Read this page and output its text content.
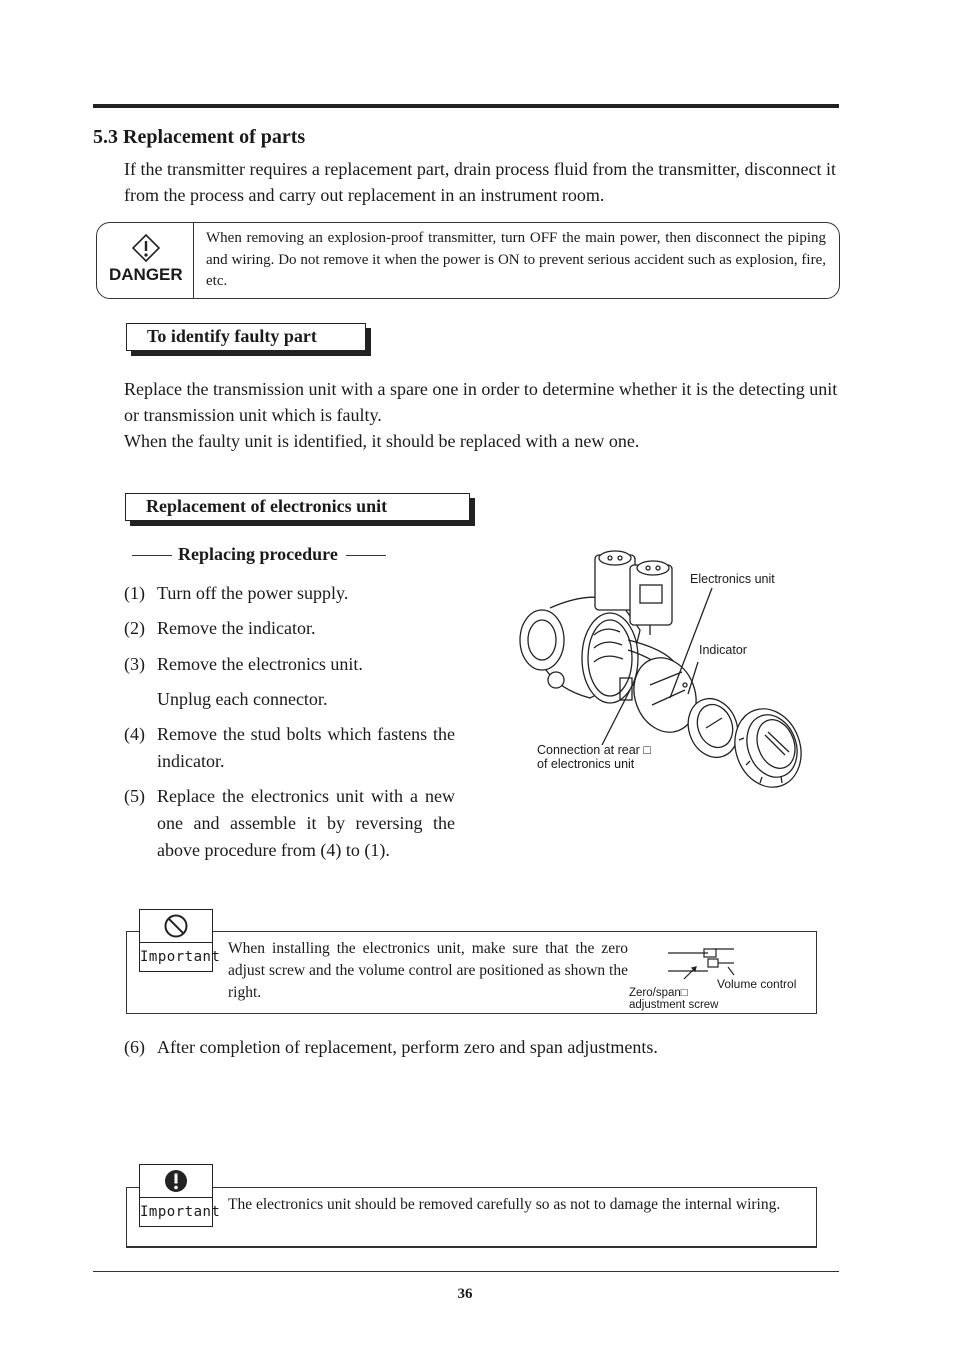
5.3 Replacement of parts
If the transmitter requires a replacement part, drain process fluid from the transmitter, disconnect it from the process and carry out replacement in an instrument room.
DANGER
When removing an explosion-proof transmitter, turn OFF the main power, then disconnect the piping and wiring. Do not remove it when the power is ON to prevent serious accident such as explosion, fire, etc.
To identify faulty part
Replace the transmission unit with a spare one in order to determine whether it is the detecting unit or transmission unit which is faulty.
When the faulty unit is identified, it should be replaced with a new one.
Replacement of electronics unit
Replacing procedure
(1) Turn off the power supply.
(2) Remove the indicator.
(3) Remove the electronics unit.
Unplug each connector.
(4) Remove the stud bolts which fastens the indicator.
(5) Replace the electronics unit with a new one and assemble it by reversing the above procedure from (4) to (1).
Electronics unit
Indicator
Connection at rear □
of electronics unit
Important When installing the electronics unit, make sure that the zero adjust screw and the volume control are positioned as shown the right.	Volume control
Zero/span□
adjustment screw
(6) After completion of replacement, perform zero and span adjustments.
Important The electronics unit should be removed carefully so as not to damage the internal wiring.
36
